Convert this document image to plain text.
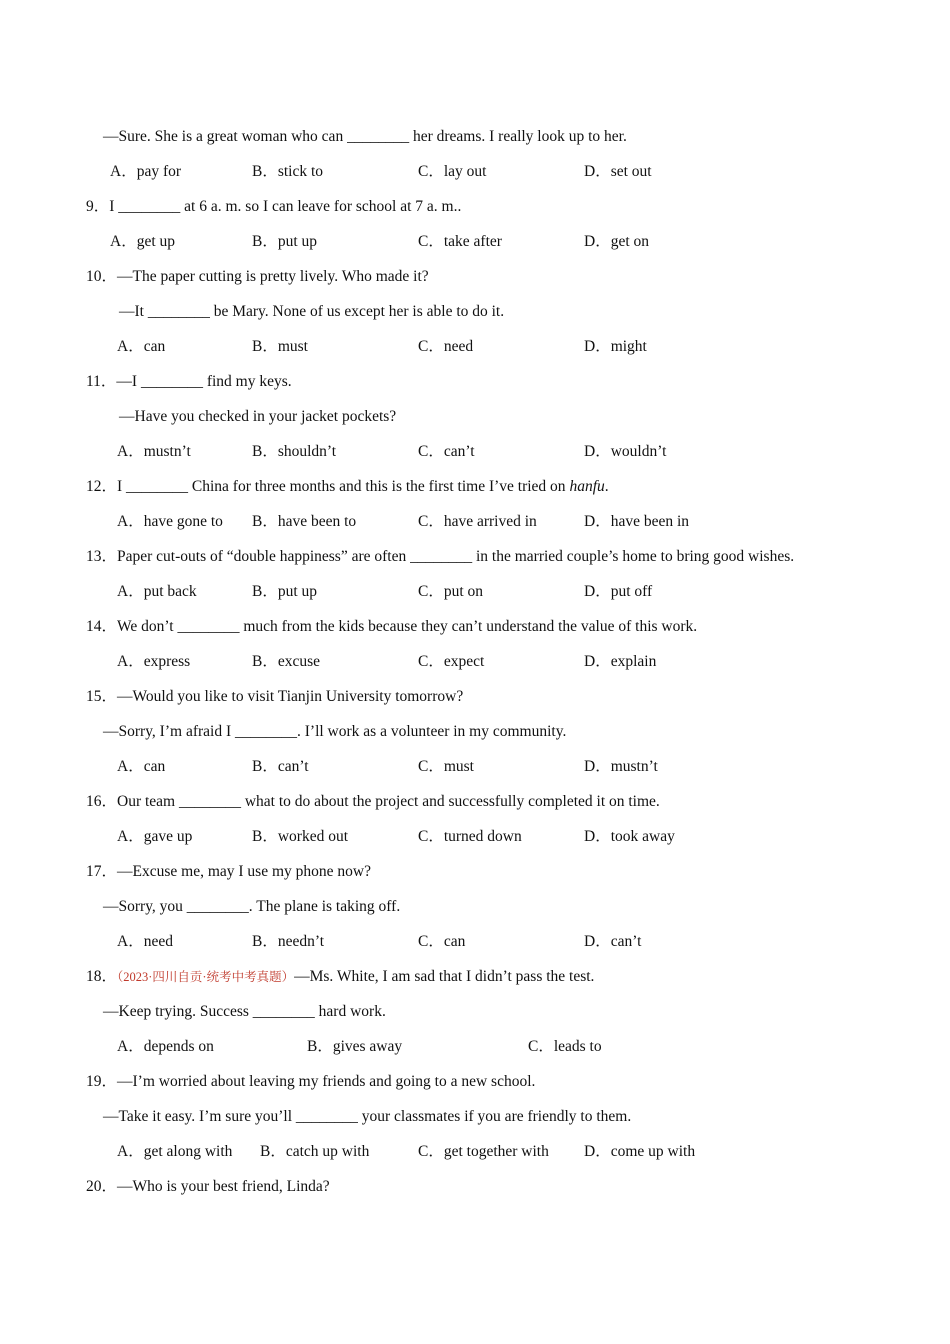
—Sure. She is a great woman who can ________ her dreams. I really look up to her.
A．pay for	B．stick to	C．lay out	D．set out
9．I ________ at 6 a. m. so I can leave for school at 7 a. m..
A．get up	B．put up	C．take after	D．get on
10．—The paper cutting is pretty lively. Who made it?
—It ________ be Mary. None of us except her is able to do it.
A．can	B．must	C．need	D．might
11．—I ________ find my keys.
—Have you checked in your jacket pockets?
A．mustn’t	B．shouldn’t	C．can’t	D．wouldn’t
12．I ________ China for three months and this is the first time I’ve tried on hanfu.
A．have gone to B．have been to	C．have arrived in	D．have been in
13．Paper cut-outs of “double happiness” are often ________ in the married couple’s home to bring good wishes.
A．put back	B．put up	C．put on	D．put off
14．We don’t ________ much from the kids because they can’t understand the value of this work.
A．express	B．excuse	C．expect	D．explain
15．—Would you like to visit Tianjin University tomorrow?
—Sorry, I’m afraid I ________. I’ll work as a volunteer in my community.
A．can	B．can’t	C．must	D．mustn’t
16．Our team ________ what to do about the project and successfully completed it on time.
A．gave up	B．worked out	C．turned down	D．took away
17．—Excuse me, may I use my phone now?
—Sorry, you ________. The plane is taking off.
A．need	B．needn’t	C．can	D．can’t
18．（2023·四川自贡·统考中考真题）—Ms. White, I am sad that I didn’t pass the test.
—Keep trying. Success ________ hard work.
A．depends on	B．gives away	C．leads to
19．—I’m worried about leaving my friends and going to a new school.
—Take it easy. I’m sure you’ll ________ your classmates if you are friendly to them.
A．get along with B．catch up with	C．get together with D．come up with
20．—Who is your best friend, Linda?
